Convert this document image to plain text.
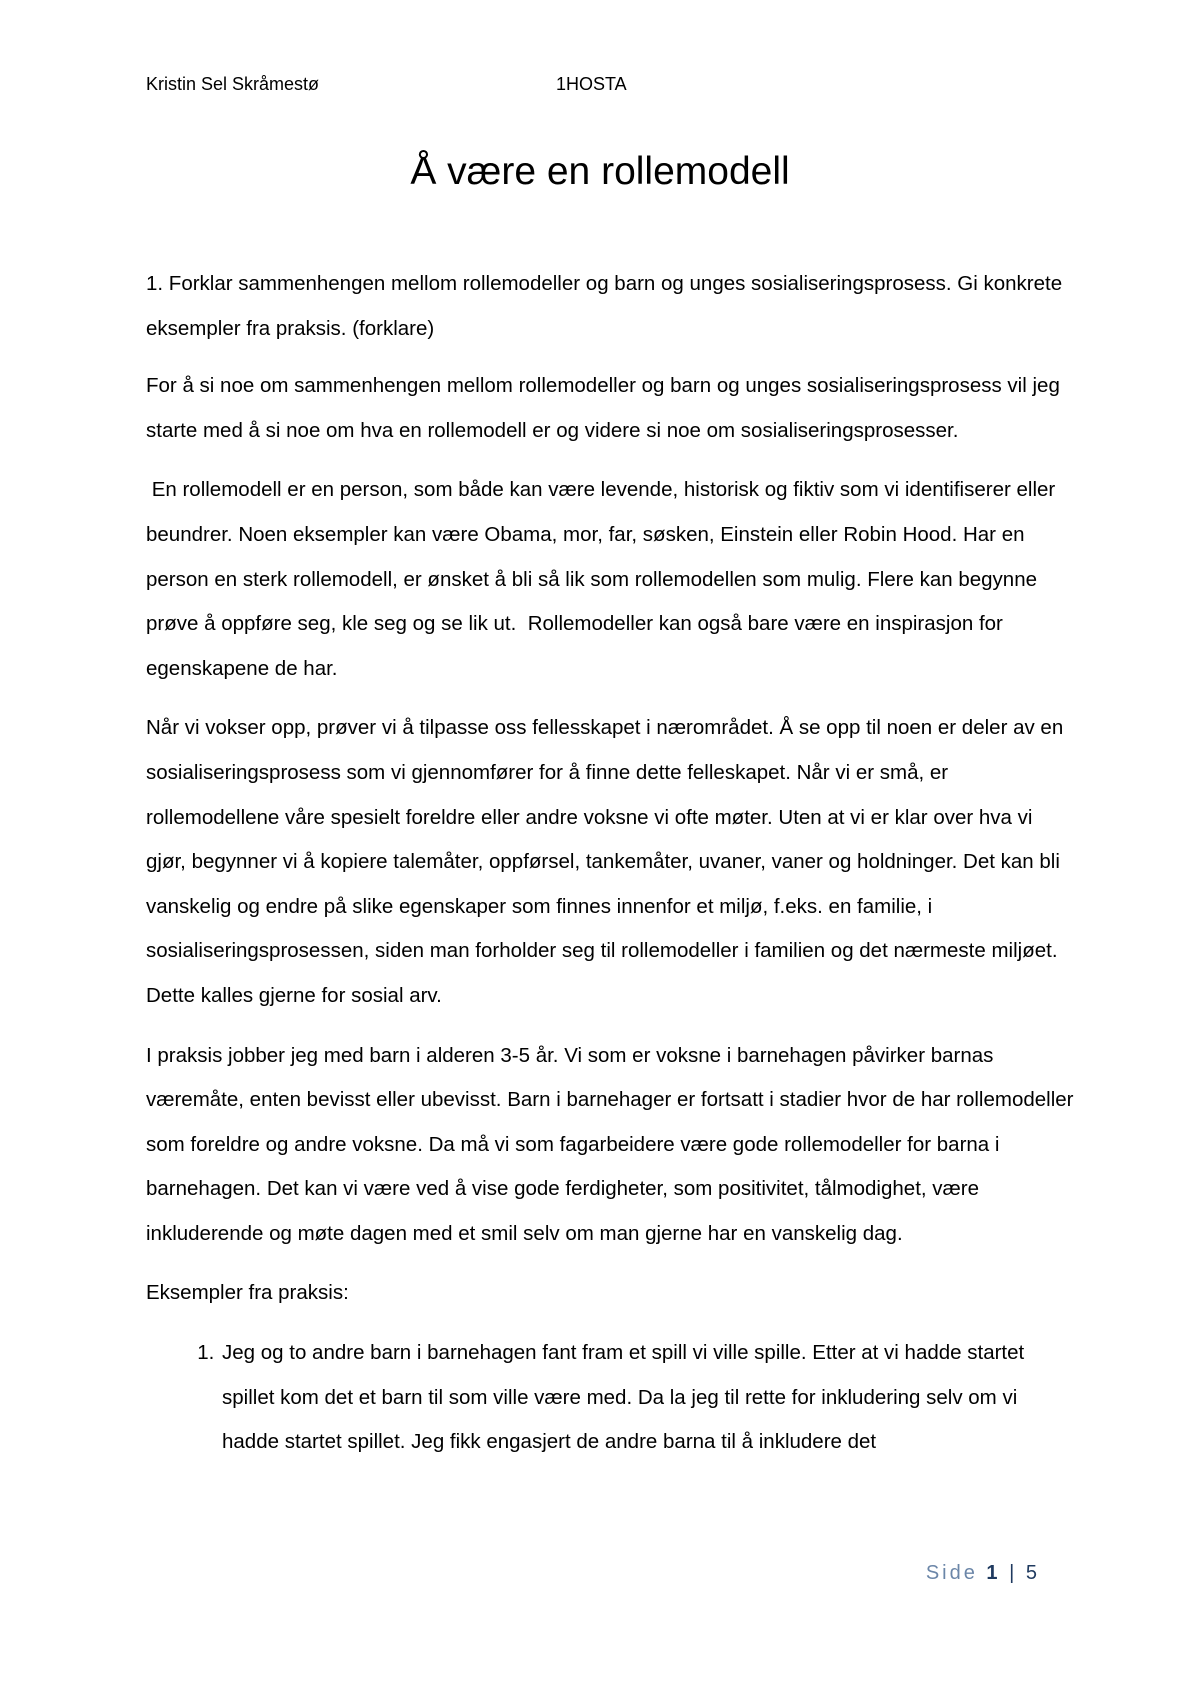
Kristin Sel Skråmestø	1HOSTA
Å være en rollemodell

1. Forklar sammenhengen mellom rollemodeller og barn og unges sosialiseringsprosess. Gi konkrete eksempler fra praksis. (forklare)

For å si noe om sammenhengen mellom rollemodeller og barn og unges sosialiseringsprosess vil jeg starte med å si noe om hva en rollemodell er og videre si noe om sosialiseringsprosesser.

En rollemodell er en person, som både kan være levende, historisk og fiktiv som vi identifiserer eller beundrer. Noen eksempler kan være Obama, mor, far, søsken, Einstein eller Robin Hood. Har en person en sterk rollemodell, er ønsket å bli så lik som rollemodellen som mulig. Flere kan begynne prøve å oppføre seg, kle seg og se lik ut.  Rollemodeller kan også bare være en inspirasjon for egenskapene de har.

Når vi vokser opp, prøver vi å tilpasse oss fellesskapet i nærområdet. Å se opp til noen er deler av en sosialiseringsprosess som vi gjennomfører for å finne dette felleskapet. Når vi er små, er rollemodellene våre spesielt foreldre eller andre voksne vi ofte møter. Uten at vi er klar over hva vi gjør, begynner vi å kopiere talemåter, oppførsel, tankemåter, uvaner, vaner og holdninger. Det kan bli vanskelig og endre på slike egenskaper som finnes innenfor et miljø, f.eks. en familie, i sosialiseringsprosessen, siden man forholder seg til rollemodeller i familien og det nærmeste miljøet. Dette kalles gjerne for sosial arv.

I praksis jobber jeg med barn i alderen 3-5 år. Vi som er voksne i barnehagen påvirker barnas væremåte, enten bevisst eller ubevisst. Barn i barnehager er fortsatt i stadier hvor de har rollemodeller som foreldre og andre voksne. Da må vi som fagarbeidere være gode rollemodeller for barna i barnehagen. Det kan vi være ved å vise gode ferdigheter, som positivitet, tålmodighet, være inkluderende og møte dagen med et smil selv om man gjerne har en vanskelig dag.

Eksempler fra praksis:

1. Jeg og to andre barn i barnehagen fant fram et spill vi ville spille. Etter at vi hadde startet spillet kom det et barn til som ville være med. Da la jeg til rette for inkludering selv om vi hadde startet spillet. Jeg fikk engasjert de andre barna til å inkludere det
Side 1 | 5
